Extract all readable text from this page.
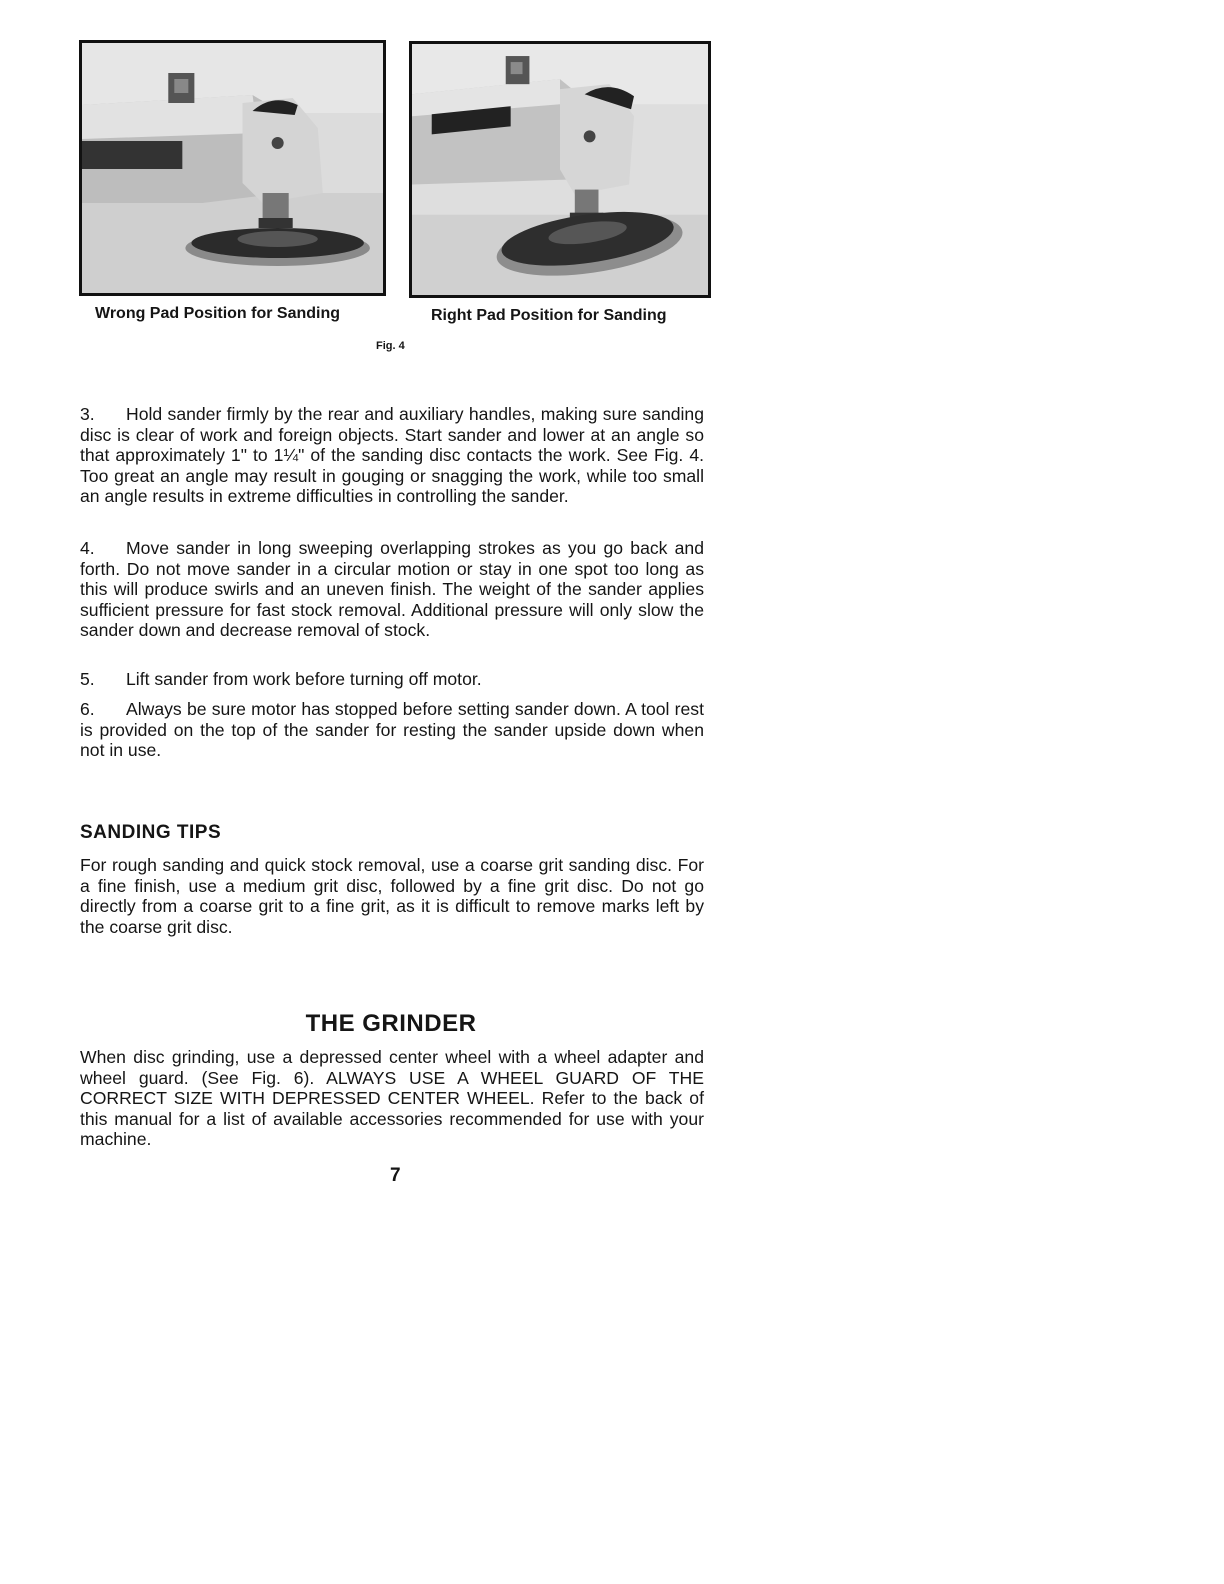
Wrong Pad Position for Sanding	Right Pad Position for Sanding
Fig. 4

3. Hold sander firmly by the rear and auxiliary handles, making sure sanding disc is clear of work and foreign objects. Start sander and lower at an angle so that approximately 1" to 1¼" of the sanding disc contacts the work. See Fig. 4. Too great an angle may result in gouging or snagging the work, while too small an angle results in extreme difficulties in controlling the sander.

4. Move sander in long sweeping overlapping strokes as you go back and forth. Do not move sander in a circular motion or stay in one spot too long as this will produce swirls and an uneven finish. The weight of the sander applies sufficient pressure for fast stock removal. Additional pressure will only slow the sander down and decrease removal of stock.

5. Lift sander from work before turning off motor.

6. Always be sure motor has stopped before setting sander down. A tool rest is provided on the top of the sander for resting the sander upside down when not in use.

SANDING TIPS

For rough sanding and quick stock removal, use a coarse grit sanding disc. For a fine finish, use a medium grit disc, followed by a fine grit disc. Do not go directly from a coarse grit to a fine grit, as it is difficult to remove marks left by the coarse grit disc.

THE GRINDER

When disc grinding, use a depressed center wheel with a wheel adapter and wheel guard. (See Fig. 6). ALWAYS USE A WHEEL GUARD OF THE CORRECT SIZE WITH DEPRESSED CENTER WHEEL. Refer to the back of this manual for a list of available accessories recommended for use with your machine.

7
